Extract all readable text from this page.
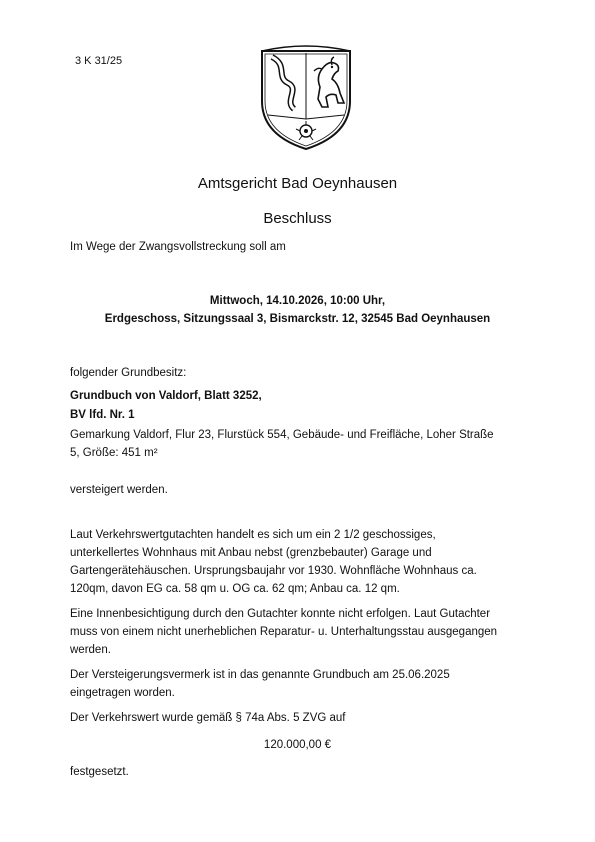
3 K 31/25
Amtsgericht Bad Oeynhausen
Beschluss
Im Wege der Zwangsvollstreckung soll am
Mittwoch, 14.10.2026, 10:00 Uhr,
Erdgeschoss, Sitzungssaal 3, Bismarckstr. 12, 32545 Bad Oeynhausen
folgender Grundbesitz:
Grundbuch von Valdorf, Blatt 3252,
BV lfd. Nr. 1
Gemarkung Valdorf, Flur 23, Flurstück 554, Gebäude- und Freifläche, Loher Straße
5, Größe: 451 m²
versteigert werden.
Laut Verkehrswertgutachten handelt es sich um ein 2 1/2 geschossiges,
unterkellertes Wohnhaus mit Anbau nebst (grenzbebauter) Garage und
Gartengerätehäuschen. Ursprungsbaujahr vor 1930. Wohnfläche Wohnhaus ca.
120qm, davon EG ca. 58 qm u. OG ca. 62 qm; Anbau ca. 12 qm.
Eine Innenbesichtigung durch den Gutachter konnte nicht erfolgen. Laut Gutachter
muss von einem nicht unerheblichen Reparatur- u. Unterhaltungsstau ausgegangen
werden.
Der Versteigerungsvermerk ist in das genannte Grundbuch am 25.06.2025
eingetragen worden.
Der Verkehrswert wurde gemäß § 74a Abs. 5 ZVG auf
120.000,00 €
festgesetzt.
